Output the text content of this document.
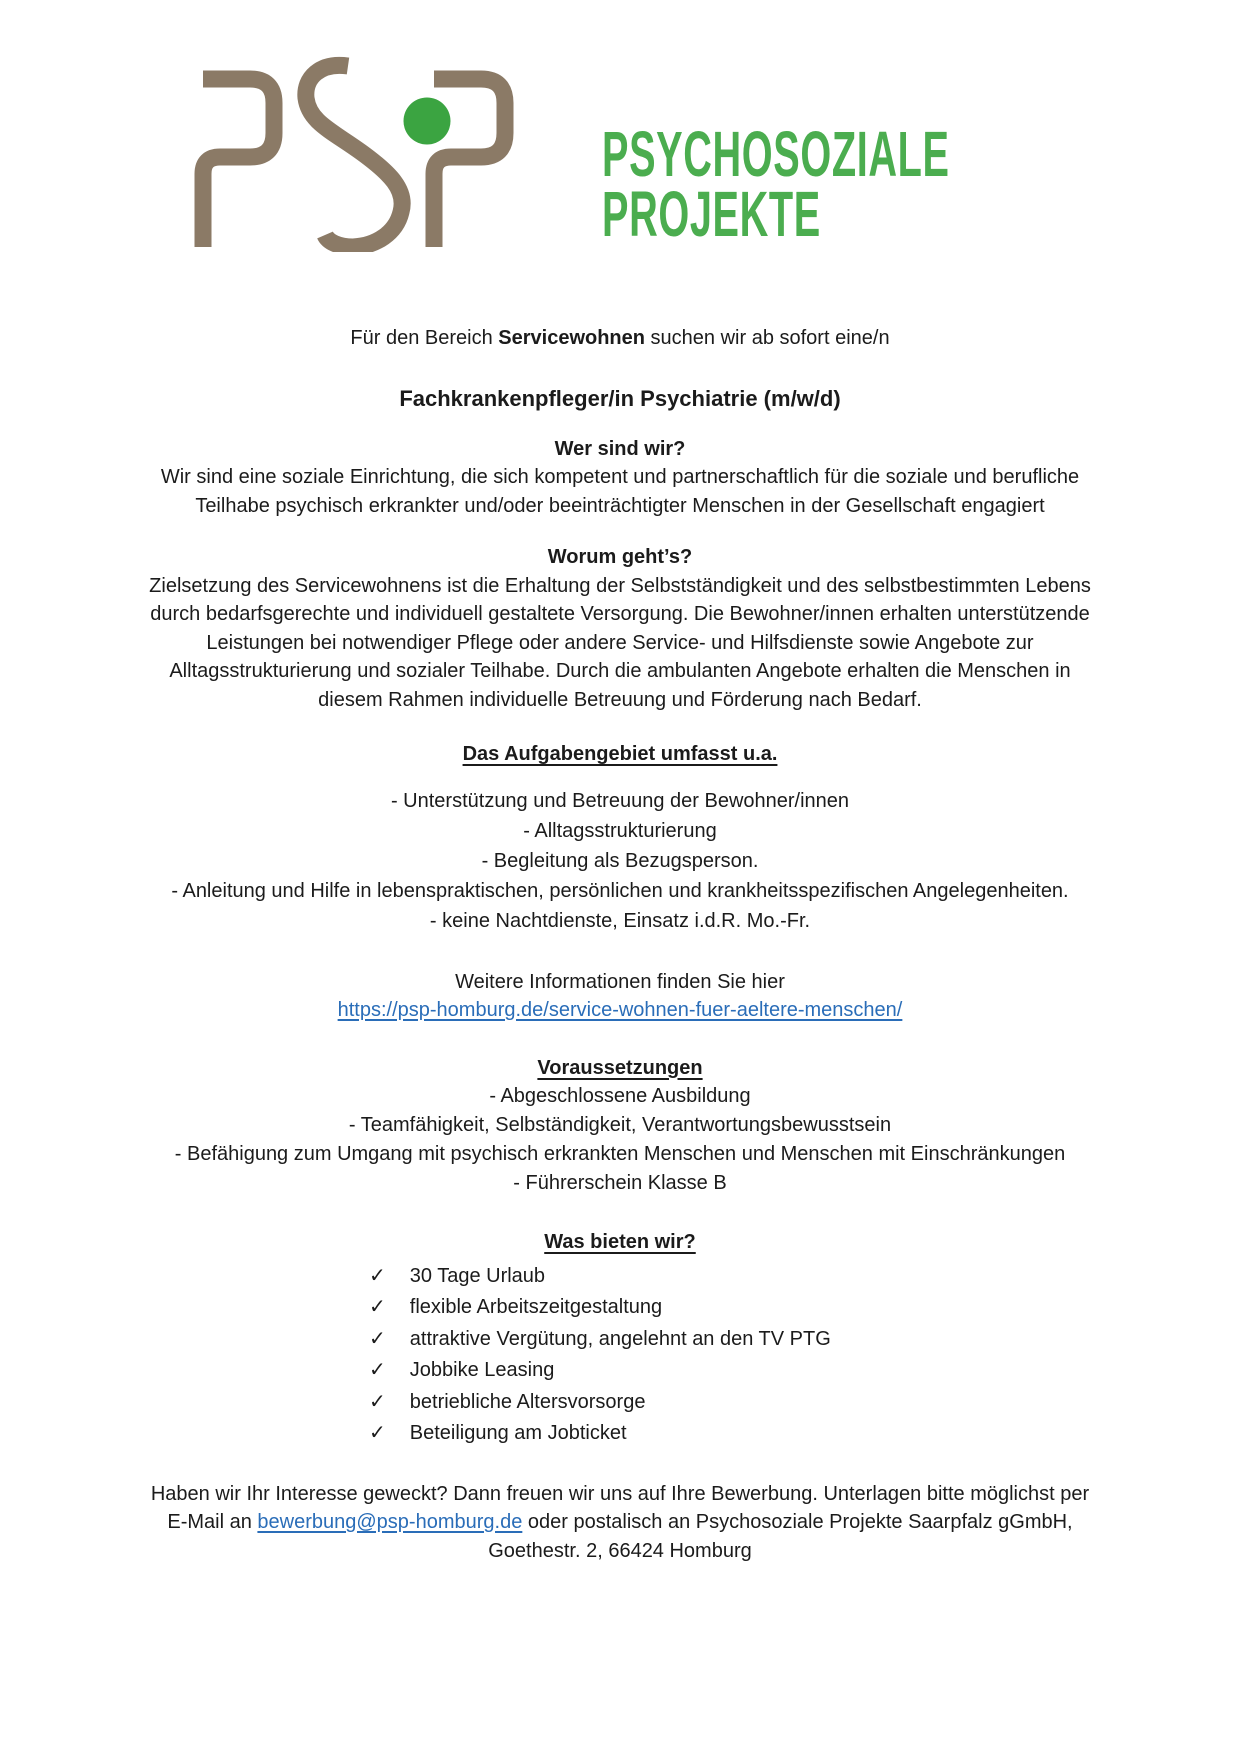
PSYCHOSOZIALE
PROJEKTE

Für den Bereich Servicewohnen suchen wir ab sofort eine/n

Fachkrankenpfleger/in Psychiatrie (m/w/d)
Wer sind wir?

Wir sind eine soziale Einrichtung, die sich kompetent und partnerschaftlich für die soziale und berufliche Teilhabe psychisch erkrankter und/oder beeinträchtigter Menschen in der Gesellschaft engagiert

Worum geht’s?

Zielsetzung des Servicewohnens ist die Erhaltung der Selbstständigkeit und des selbstbestimmten Lebens durch bedarfsgerechte und individuell gestaltete Versorgung. Die Bewohner/innen erhalten unterstützende Leistungen bei notwendiger Pflege oder andere Service- und Hilfsdienste sowie Angebote zur Alltagsstrukturierung und sozialer Teilhabe. Durch die ambulanten Angebote erhalten die Menschen in diesem Rahmen individuelle Betreuung und Förderung nach Bedarf.

Das Aufgabengebiet umfasst u.a.
- Unterstützung und Betreuung der Bewohner/innen
- Alltagsstrukturierung
- Begleitung als Bezugsperson.
- Anleitung und Hilfe in lebenspraktischen, persönlichen und krankheitsspezifischen Angelegenheiten.
- keine Nachtdienste, Einsatz i.d.R. Mo.-Fr.

Weitere Informationen finden Sie hier

https://psp-homburg.de/service-wohnen-fuer-aeltere-menschen/

Voraussetzungen
- Abgeschlossene Ausbildung
- Teamfähigkeit, Selbständigkeit, Verantwortungsbewusstsein
- Befähigung zum Umgang mit psychisch erkrankten Menschen und Menschen mit Einschränkungen
- Führerschein Klasse B
Was bieten wir?
✓ 30 Tage Urlaub
✓ flexible Arbeitszeitgestaltung
✓ attraktive Vergütung, angelehnt an den TV PTG
✓ Jobbike Leasing
✓ betriebliche Altersvorsorge
✓ Beteiligung am Jobticket

Haben wir Ihr Interesse geweckt? Dann freuen wir uns auf Ihre Bewerbung. Unterlagen bitte möglichst per E-Mail an bewerbung@psp-homburg.de oder postalisch an Psychosoziale Projekte Saarpfalz gGmbH, Goethestr. 2, 66424 Homburg
